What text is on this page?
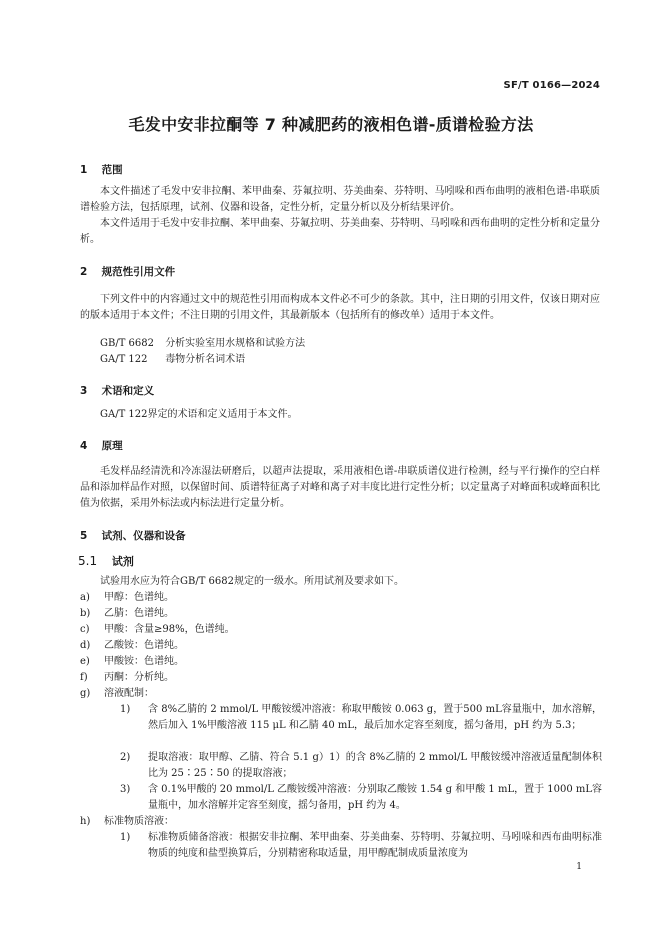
SF/T 0166—2024
毛发中安非拉酮等 7 种减肥药的液相色谱-质谱检验方法
1 范围

本文件描述了毛发中安非拉酮、苯甲曲秦、芬氟拉明、芬美曲秦、芬特明、马吲哚和西布曲明的液相色谱-串联质谱检验方法，包括原理，试剂、仪器和设备，定性分析，定量分析以及分析结果评价。

本文件适用于毛发中安非拉酮、苯甲曲秦、芬氟拉明、芬美曲秦、芬特明、马吲哚和西布曲明的定性分析和定量分析。

2 规范性引用文件

下列文件中的内容通过文中的规范性引用而构成本文件必不可少的条款。其中，注日期的引用文件，仅该日期对应的版本适用于本文件；不注日期的引用文件，其最新版本（包括所有的修改单）适用于本文件。

GB/T 6682 分析实验室用水规格和试验方法
GA/T 122 毒物分析名词术语
3 术语和定义

GA/T 122界定的术语和定义适用于本文件。

4 原理

毛发样品经清洗和冷冻湿法研磨后，以超声法提取，采用液相色谱-串联质谱仪进行检测，经与平行操作的空白样品和添加样品作对照，以保留时间、质谱特征离子对峰和离子对丰度比进行定性分析；以定量离子对峰面积或峰面积比值为依据，采用外标法或内标法进行定量分析。

5 试剂、仪器和设备
5.1 试剂
试验用水应为符合GB/T 6682规定的一级水。所用试剂及要求如下。
a) 甲醇：色谱纯。
b) 乙腈：色谱纯。
c) 甲酸：含量≥98%，色谱纯。
d) 乙酸铵：色谱纯。
e) 甲酸铵：色谱纯。
f) 丙酮：分析纯。
g) 溶液配制：
1)	含 8%乙腈的 2 mmol/L 甲酸铵缓冲溶液：称取甲酸铵 0.063 g，置于500 mL容量瓶中，加水溶解，然后加入 1%甲酸溶液 115 μL 和乙腈 40 mL，最后加水定容至刻度，摇匀备用，pH 约为 5.3；
2)	提取溶液：取甲醇、乙腈、符合 5.1 g）1）的含 8%乙腈的 2 mmol/L 甲酸铵缓冲溶液适量配制体积比为 25∶25∶50 的提取溶液；
3)	含 0.1%甲酸的 20 mmol/L 乙酸铵缓冲溶液：分别取乙酸铵 1.54 g 和甲酸 1 mL，置于 1000 mL容量瓶中，加水溶解并定容至刻度，摇匀备用，pH 约为 4。
h) 标准物质溶液：
1)	标准物质储备溶液：根据安非拉酮、苯甲曲秦、芬美曲秦、芬特明、芬氟拉明、马吲哚和西布曲明标准物质的纯度和盐型换算后，分别精密称取适量，用甲醇配制成质量浓度为
1
